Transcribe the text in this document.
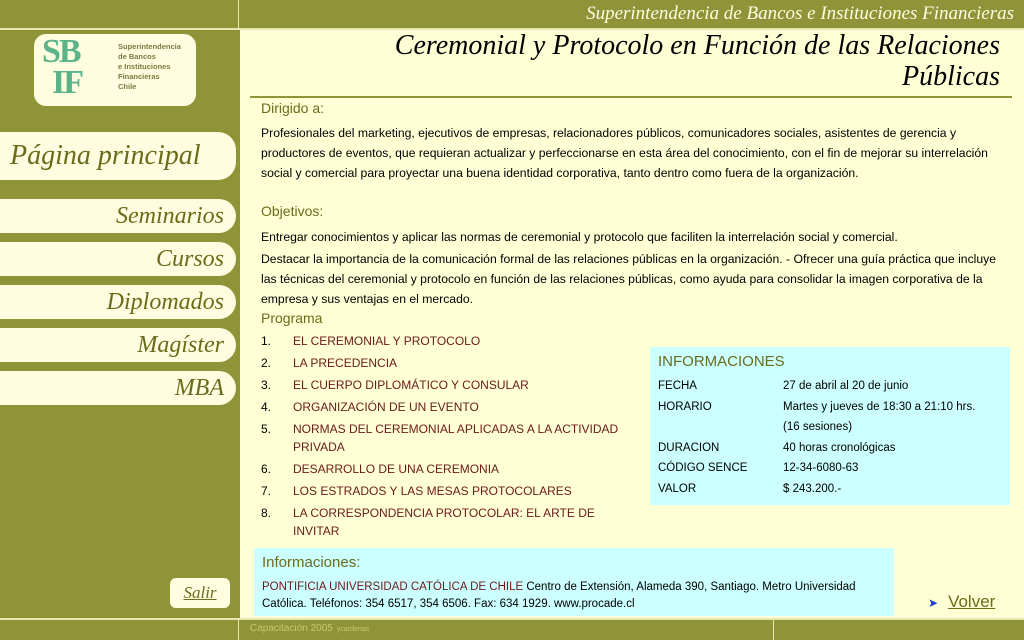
Superintendencia de Bancos e Instituciones Financieras
SB
IF
Superintendencia
de Bancos
e Instituciones
Financieras
Chile
Página principal
Seminarios
Cursos
Diplomados
Magíster
MBA
Salir
Ceremonial y Protocolo en Función de las Relaciones
Públicas
Dirigido a:
Profesionales del marketing, ejecutivos de empresas, relacionadores públicos, comunicadores sociales, asistentes de gerencia y productores de eventos, que requieran actualizar y perfeccionarse en esta área del conocimiento, con el fin de mejorar su interrelación social y comercial para proyectar una buena identidad corporativa, tanto dentro como fuera de la organización.
Objetivos:
Entregar conocimientos y aplicar las normas de ceremonial y protocolo que faciliten la interrelación social y comercial.
Destacar la importancia de la comunicación formal de las relaciones públicas en la organización. - Ofrecer una guía práctica que incluye las técnicas del ceremonial y protocolo en función de las relaciones públicas, como ayuda para consolidar la imagen corporativa de la empresa y sus ventajas en el mercado.
Programa
1. EL CEREMONIAL Y PROTOCOLO
2. LA PRECEDENCIA
3. EL CUERPO DIPLOMÁTICO Y CONSULAR
4. ORGANIZACIÓN DE UN EVENTO
5. NORMAS DEL CEREMONIAL APLICADAS A LA ACTIVIDAD PRIVADA
6. DESARROLLO DE UNA CEREMONIA
7. LOS ESTRADOS Y LAS MESAS PROTOCOLARES
8. LA CORRESPONDENCIA PROTOCOLAR: EL ARTE DE INVITAR
INFORMACIONES
FECHA	27 de abril al 20 de junio
HORARIO	Martes y jueves de 18:30 a 21:10 hrs.
(16 sesiones)
DURACION	40 horas cronológicas
CÓDIGO SENCE	12-34-6080-63
VALOR	$ 243.200.-
Informaciones:
PONTIFICIA UNIVERSIDAD CATÓLICA DE CHILE Centro de Extensión, Alameda 390, Santiago. Metro Universidad Católica. Teléfonos: 354 6517, 354 6506. Fax: 634 1929. www.procade.cl	➤ Volver
Capacitación 2005 ycardenas
